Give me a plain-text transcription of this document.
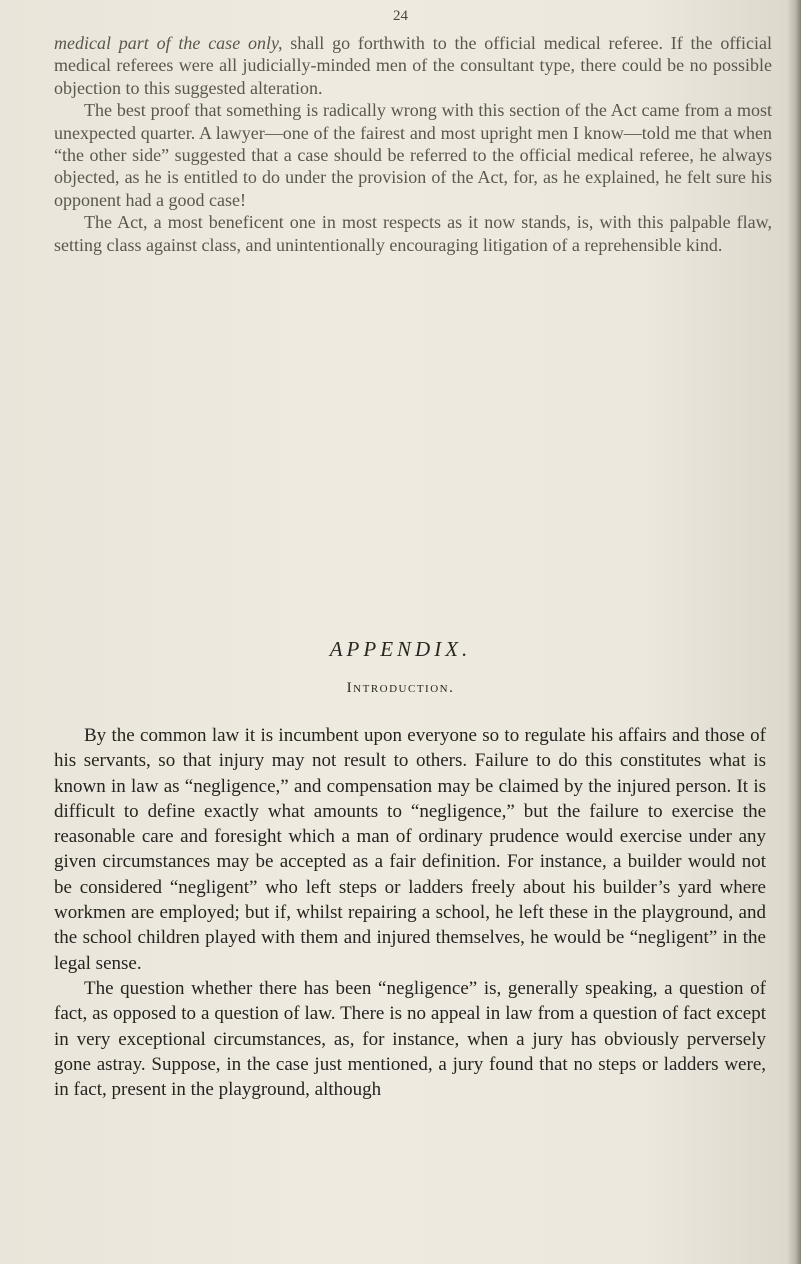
24

medical part of the case only, shall go forthwith to the official medical referee. If the official medical referees were all judicially-minded men of the consultant type, there could be no possible objection to this suggested alteration.

The best proof that something is radically wrong with this section of the Act came from a most unexpected quarter. A lawyer—one of the fairest and most upright men I know—told me that when “the other side” suggested that a case should be referred to the official medical referee, he always objected, as he is entitled to do under the provision of the Act, for, as he explained, he felt sure his opponent had a good case!

The Act, a most beneficent one in most respects as it now stands, is, with this palpable flaw, setting class against class, and unintentionally encouraging litigation of a reprehensible kind.

APPENDIX.
Introduction.

By the common law it is incumbent upon everyone so to regulate his affairs and those of his servants, so that injury may not result to others. Failure to do this constitutes what is known in law as “negligence,” and compensation may be claimed by the injured person. It is difficult to define exactly what amounts to “negligence,” but the failure to exercise the reasonable care and foresight which a man of ordinary prudence would exercise under any given circumstances may be accepted as a fair definition. For instance, a builder would not be considered “negligent” who left steps or ladders freely about his builder’s yard where workmen are employed; but if, whilst repairing a school, he left these in the playground, and the school children played with them and injured themselves, he would be “negligent” in the legal sense.

The question whether there has been “negligence” is, generally speaking, a question of fact, as opposed to a question of law. There is no appeal in law from a question of fact except in very exceptional circumstances, as, for instance, when a jury has obviously perversely gone astray. Suppose, in the case just mentioned, a jury found that no steps or ladders were, in fact, present in the playground, although
